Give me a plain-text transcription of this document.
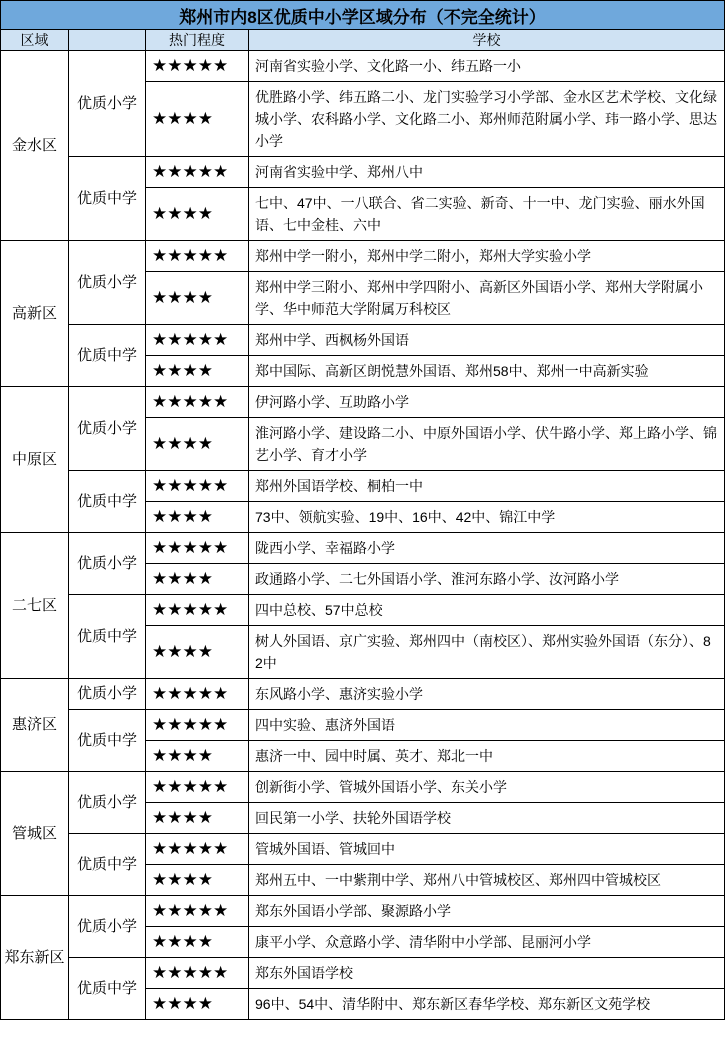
郑州市内8区优质中小学区域分布（不完全统计）			
区域		热门程度	学校
金水区	优质小学	★★★★★	河南省实验小学、文化路一小、纬五路一小
		★★★★	优胜路小学、纬五路二小、龙门实验学习小学部、金水区艺术学校、文化绿城小学、农科路小学、文化路二小、郑州师范附属小学、玮一路小学、思达小学
	优质中学	★★★★★	河南省实验中学、郑州八中
		★★★★	七中、47中、一八联合、省二实验、新奇、十一中、龙门实验、丽水外国语、七中金桂、六中
高新区	优质小学	★★★★★	郑州中学一附小，郑州中学二附小，郑州大学实验小学
		★★★★	郑州中学三附小、郑州中学四附小、高新区外国语小学、郑州大学附属小学、华中师范大学附属万科校区
	优质中学	★★★★★	郑州中学、西枫杨外国语
		★★★★	郑中国际、高新区朗悦慧外国语、郑州58中、郑州一中高新实验
中原区	优质小学	★★★★★	伊河路小学、互助路小学
		★★★★	淮河路小学、建设路二小、中原外国语小学、伏牛路小学、郑上路小学、锦艺小学、育才小学
	优质中学	★★★★★	郑州外国语学校、桐柏一中
		★★★★	73中、领航实验、19中、16中、42中、锦江中学
二七区	优质小学	★★★★★	陇西小学、幸福路小学
		★★★★	政通路小学、二七外国语小学、淮河东路小学、汝河路小学
	优质中学	★★★★★	四中总校、57中总校
		★★★★	树人外国语、京广实验、郑州四中（南校区）、郑州实验外国语（东分）、82中
惠济区	优质小学	★★★★★	东风路小学、惠济实验小学
	优质中学	★★★★★	四中实验、惠济外国语
		★★★★	惠济一中、园中时属、英才、郑北一中
管城区	优质小学	★★★★★	创新街小学、管城外国语小学、东关小学
		★★★★	回民第一小学、扶轮外国语学校
	优质中学	★★★★★	管城外国语、管城回中
		★★★★	郑州五中、一中紫荆中学、郑州八中管城校区、郑州四中管城校区
郑东新区	优质小学	★★★★★	郑东外国语小学部、聚源路小学
		★★★★	康平小学、众意路小学、清华附中小学部、昆丽河小学
	优质中学	★★★★★	郑东外国语学校
		★★★★	96中、54中、清华附中、郑东新区春华学校、郑东新区文苑学校
